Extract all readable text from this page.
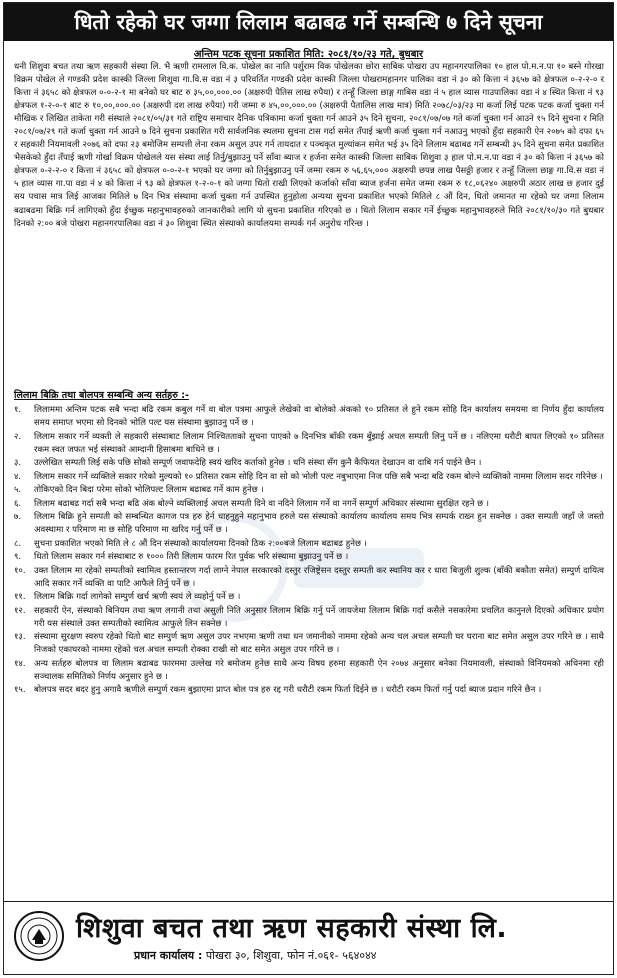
धितो रहेको घर जग्गा लिलाम बढाबढ गर्ने सम्बन्धि ७ दिने सूचना
अन्तिम पटक सूचना प्रकाशित मिति: २०८१/१०/२३ गते, बुधबार

धनी शिशुवा बचत तथा ऋण सहकारी संस्था लि. भै ऋणी रामलाल वि.क. पोखेल का नाति पर्शुराम विक पोखेलका छोरा साबिक पोखरा उप महानगरपालिका १० हाल पो.म.न.पा १० बस्ने गोरखा विक्रम पोखेल ले गण्डकी प्रदेश कास्की जिल्ला शिशुवा गा.वि.स वडा नं ३ परिवर्तित गण्डकी प्रदेश कास्की जिल्ला पोखरामहानगर पालिका वडा नं ३० को कित्ता नं ३६५७ को क्षेत्रफल ०-२-२-० र कित्ता नं ३६५८ को क्षेत्रफल ०-०-२-१ मा बनेको घर बाट रु ३५,००,०००.०० (अक्षरुपी पैतिस लाख रुपैया) र तन्हूँ जिल्ला छाङ्ग गाबिस वडा नं ५ हाल व्यास गाउपालिका वडा नं ४ स्थित कित्ता नं ९३ क्षेत्रफल १-२-०-१ बाट रु १०,००,०००.०० (अक्षरुपी दश लाख रुपैया) गरी जम्मा रु ४५,००,०००.०० (अक्षरुपी पैतालिस लाख मात्र) मिति २०७८/०३/२३ मा कर्जा लिई पटक पटक कर्जा चुक्ता गर्न मौखिक र लिखित ताकेता गरी संस्थाले २०८१/०५/३१ गते राष्ट्रिय समाचार दैनिक पत्रिकामा कर्जा चुक्ता गर्न आउने ३५ दिने सुचना, २०८१/०७/०७ गते कर्जा चुक्ता गर्न आउने १५ दिने सुचना र मिति २०८१/०७/२९ गते कर्जा चुक्ता गर्न आउने ७ दिने सुचना प्रकाशित गरी सार्वजनिक स्थलमा सुचना टास गर्दा समेत तँपाई ऋणी कर्जा चुक्ता गर्न नआउनु भएको हुँदा सहकारी ऐन २०७५ को दफा ६५ र सहकारी नियमावली २०७६ को दफा २३ बमोजिम सम्पत्ती लेना रकम असुल उपर गर्न तायदात र पञ्चकृत मुल्यांकन समेत भई ३५ दिने लिलाम बढाबढ गर्ने सम्बन्धी ३५ दिने सुचना समेत प्रकाशित भैसकेको हुँदा तँपाई ऋणी गोर्खा विक्रम पोखेलले यस संस्था लाई तिर्नु/बुझाउनु पर्ने साँवा ब्याज र हर्जना समेत कास्की जिल्ला साबिक शिशुवा ३ हाल पो.म.न.पा वडा नं ३० को कित्ता नं ३६५७ को क्षेत्रफल ०-२-२-० र कित्ता नं ३६५८ को क्षेत्रफल ०-०-२-१ भएको घर जग्गा को तिर्नुबुझाउनु पर्ने जम्मा रकम रु ५६,६५,००० अक्षरुपी छपन्न लाख पैसठ्ठी हजार र तन्हूँ जिल्ला छाङ्ग गा.वि.स वडा नं ५ हाल व्यास गा.पा वडा नं ४ को कित्ता नं ९३ को क्षेत्रफल १-२-०-१ को जग्गा धितो राखी लिएको कर्जाको साँवा ब्याज हर्जना समेत जम्मा रकम रु १८,०६२४० अक्षरुपी अठार लाख छ हजार दुई सय पचास मात्र लिई आजका मितिले ७ दिन भित्र संस्थामा कर्जा चुक्ता गर्न उपस्थित हुनुहोला अन्यथा सुचना प्रकाशित भएको मितिले ८ औं दिन, धितो जमानत मा रहेको घर जग्गा लिलाम बढाबढमा बिक्रि गर्न लागिएको हुँदा ईच्छुक महानुभावहरुको जानकारीको लागि यो सुचना प्रकाशित गरिएको छ । धितो लिलाम सकार गर्ने ईच्छुक महानुभावहरुले मिति २०८१/१०/३० गते बुधबार दिनको २:०० बजे पोखरा महानगरपालिका वडा नं ३० शिशुवा स्थित संस्थाको कार्यालयमा सम्पर्क गर्न अनुरोध गरिन्छ ।

लिलाम बिक्रि तथा बोलपत्र सम्बन्धि अन्य सर्तहरु :-
१.	लिलाममा अन्तिम पटक सबै भन्दा बढि रकम कबुल गर्ने वा बोल पत्रमा आफुले लेखेको वा बोलेको अंकको १० प्रतिसत ले हुने रकम सोहि दिन कार्यालय समयमा वा निर्णय हुँदा कार्यालय समय समाप्त भएमा सो दिनको भोलि पल्ट यस संस्थामा बुझाउनु पर्ने छ ।
२.	लिलाम सकार गर्ने व्यक्ती ले सहकारी संस्थाबाट लिलाम निश्चितताको सुचना पाएको ७ दिनभित्र बाँकी रकम बुँझाई अचल सम्पती लिनु पर्ने छ । नलिएमा धरौटी बापत लिएको १० प्रतिसत रकम स्वत जफत भई संस्थाको आम्दानी हिसाबमा बाधिने छ ।
३.	उल्लेखित सम्पती लिई सके पछि सोको सम्पूर्ण जवाफदेहि स्वयं खरिद कर्ताको हुनेछ । धनि संस्था सँग कुनै कैफियत देखाउन वा दाबि गर्न पाईने छैन ।
४.	लिलाम सकार गर्ने व्यक्तिले सकार गरेको मुल्यको १० प्रतिसत रकम सोहि दिन वा सो को भोली पल्ट नबुभाएमा निज पछि सबै भन्दा बढि रकम बोल्ने व्यक्तिको नाममा लिलाम सदर गरिनेछ ।
५.	तोकिएको दिन बिदा परेमा सोको भोलिपल्ट लिलाम बढाबढ गर्ने काम हुनेछ ।
६.	लिलाम बढाबढ गर्दा सबै भन्दा बढि अंक बोल्ने व्यक्तिलाई अचल सम्पती दिने वा नदिने लिलाम गर्ने वा नगर्ने सम्पुर्ण अधिकार संस्थामा सुरक्षित रहने छ ।
७.	लिलाम बिक्रि हुने सम्पती को सम्बन्धित कागज पत्र हरु हेर्न चाहनुहुने महानुभाव हरुले यस संस्थाको कार्यालय कार्यालय समय भित्र सम्पर्क राख्न हुन सक्नेछ । उक्त सम्पती जहाँ जे जस्तो अवस्थामा र परिमाण मा छ सोहि परिमाण मा खरिद गर्नु पर्ने छ ।
८.	सुचना प्रकाशित भएको मिति ले ८ औं दिन संस्थाको कार्यालयमा दिनको ठिक २:००बजे लिलाम बढाबढ हुनेछ ।
९.	धितो लिलाम सकार गर्न संस्थाबाट रु १००० तिरी लिलाम फारम रित पुर्वक भरि संस्थामा बुझाउनु पर्ने छ ।
१०. उक्त लिलाम मा रहेको सम्पतीको स्वामित्व हस्तान्तरण गर्दा लाग्ने नेपाल सरकारको दस्तुर रजिष्ट्रेसन दस्तुर सम्पती कर स्थानिय कर र धारा बिजुली शुल्क (बाँकी बकौता समेत) सम्पुर्ण दायित्व आदि सकार गर्ने व्यक्ति वा पाटि आफैले तिर्नु पर्ने छ ।
११. लिलाम बिक्रि गर्दा लागेको सम्पुर्ण खर्च ऋणी स्वयं ले व्यहोर्नु पर्ने छ ।
१२. सहकारी ऐन, संस्थाको बिनियम तथा ऋण लगानी तथा असुली निति अनुसार लिलाम बिक्रि गर्नु पर्ने जायजेथा लिलाम बिक्रि गर्दा कसैले नसकारेमा प्रचलित कानुनले दिएको अधिकार प्रयोग गरी यस संस्थाले उक्त सम्पतीको स्वामित्व आफुले लिन सक्नेछ ।
१३. संस्थामा सुरक्षण स्वरुप रहेको धितो बाट सम्पुर्ण ऋण असुल उपर नभएमा ऋणी तथा धन जमानीको नाममा रहेको अन्य चल अचल सम्पती घर घराना बाट समेत असुल उपर गरिने छ । साथै निजको एकाघरको नाममा रहेको चल अचल सम्पती रोक्का राखी सो बाट समेत असुल उपर गरिने छ ।
१४. अन्य सर्तहरु बोलपत्र वा लिलाम बढाबढ फारममा उल्लेख गरे बमोजम हुनेछ साथै अन्य विषय हरुमा सहकारी ऐन २०७४ अनुसार बनेका नियमावली, संस्थाको विनियमको अधिनमा रही सञ्चालक समितिको निर्णय अनुसार हुने छ ।
१५. बोलपत्र सदर बदर हुनु अगावै ऋणीले सम्पुर्ण रकम बुझाएमा प्राप्त बोल पत्र हरु रद्द गरी धरौटी रकम फिर्ता दिईने छ । धरौटी रकम फिर्ता गर्नु पर्दा ब्याज प्रदान गरिने छैन ।
शिशुवा बचत तथा ऋण सहकारी संस्था लि.
प्रधान कार्यालय : पोखरा ३०, शिशुवा, फोन नं.०६१- ५६४०४४
